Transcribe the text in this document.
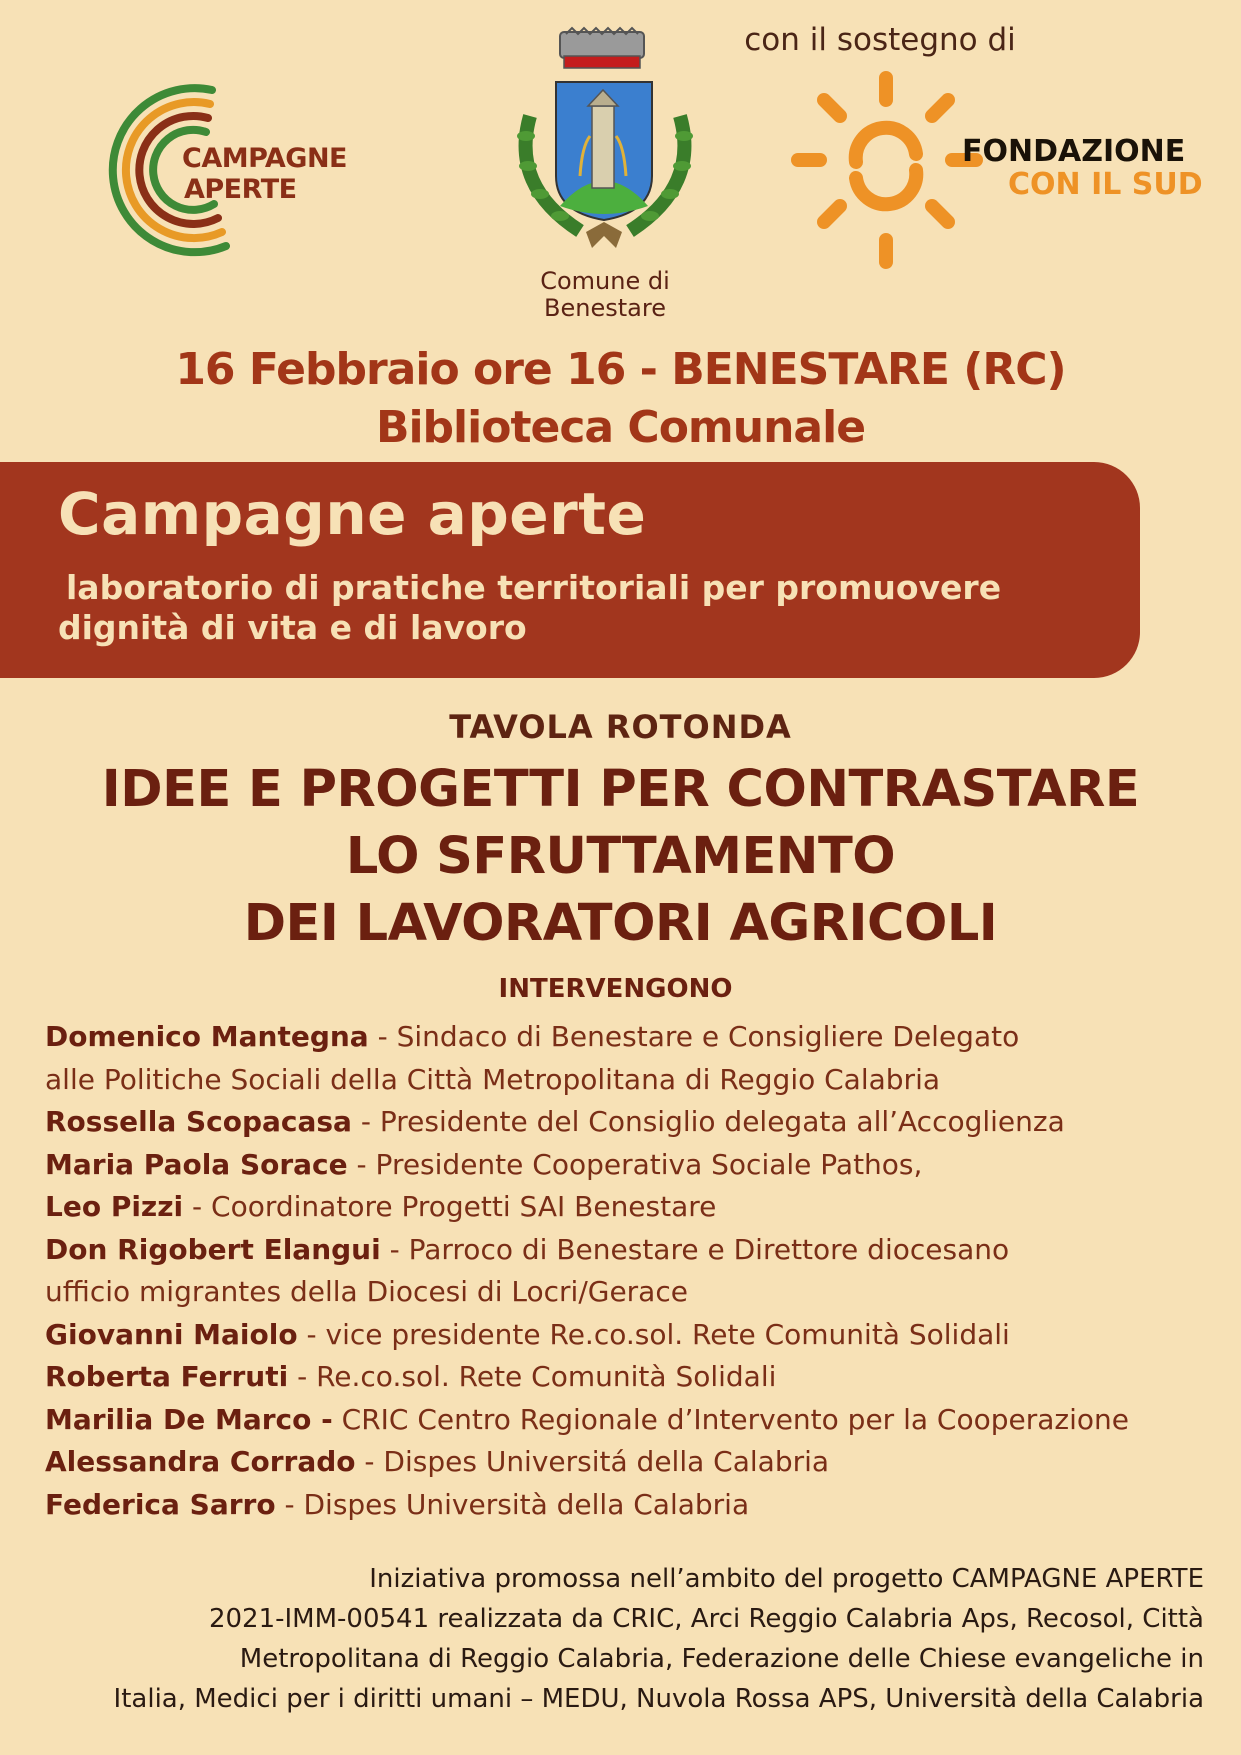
CAMPAGNE
APERTE
Comune di
Benestare
con il sostegno di
FONDAZIONE
CON IL SUD
16 Febbraio ore 16 - BENESTARE (RC)
Biblioteca Comunale
Campagne aperte
laboratorio di pratiche territoriali per promuovere
dignità di vita e di lavoro
TAVOLA ROTONDA
IDEE E PROGETTI PER CONTRASTARE
LO SFRUTTAMENTO
DEI LAVORATORI AGRICOLI
INTERVENGONO
Domenico Mantegna - Sindaco di Benestare e Consigliere Delegato
alle Politiche Sociali della Città Metropolitana di Reggio Calabria
Rossella Scopacasa - Presidente del Consiglio delegata all’Accoglienza
Maria Paola Sorace - Presidente Cooperativa Sociale Pathos,
Leo Pizzi - Coordinatore Progetti SAI Benestare
Don Rigobert Elangui - Parroco di Benestare e Direttore diocesano
ufficio migrantes della Diocesi di Locri/Gerace
Giovanni Maiolo - vice presidente Re.co.sol. Rete Comunità Solidali
Roberta Ferruti - Re.co.sol. Rete Comunità Solidali
Marilia De Marco - CRIC Centro Regionale d’Intervento per la Cooperazione
Alessandra Corrado - Dispes Universitá della Calabria
Federica Sarro - Dispes Università della Calabria
Iniziativa promossa nell’ambito del progetto CAMPAGNE APERTE
2021-IMM-00541 realizzata da CRIC, Arci Reggio Calabria Aps, Recosol, Città
Metropolitana di Reggio Calabria, Federazione delle Chiese evangeliche in
Italia, Medici per i diritti umani – MEDU, Nuvola Rossa APS, Università della Calabria
